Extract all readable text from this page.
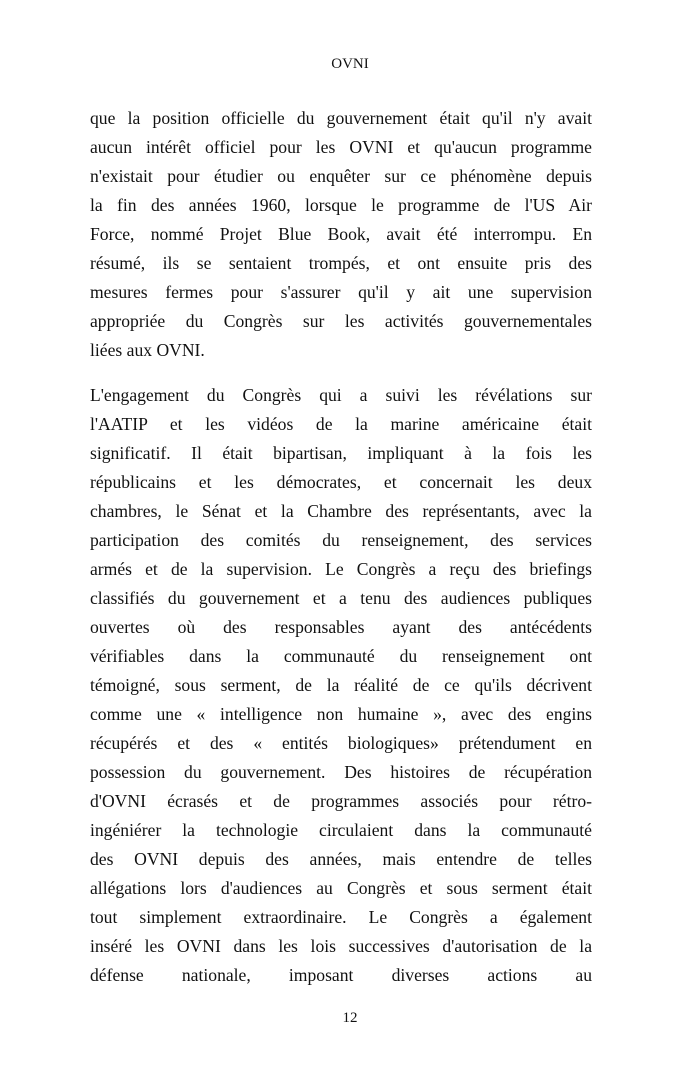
OVNI
que la position officielle du gouvernement était qu'il n'y avait
aucun intérêt officiel pour les OVNI et qu'aucun programme
n'existait pour étudier ou enquêter sur ce phénomène depuis
la fin des années 1960, lorsque le programme de l'US Air
Force, nommé Projet Blue Book, avait été interrompu. En
résumé, ils se sentaient trompés, et ont ensuite pris des
mesures fermes pour s'assurer qu'il y ait une supervision
appropriée du Congrès sur les activités gouvernementales
liées aux OVNI.
L'engagement du Congrès qui a suivi les révélations sur
l'AATIP et les vidéos de la marine américaine était
significatif. Il était bipartisan, impliquant à la fois les
républicains et les démocrates, et concernait les deux
chambres, le Sénat et la Chambre des représentants, avec la
participation des comités du renseignement, des services
armés et de la supervision. Le Congrès a reçu des briefings
classifiés du gouvernement et a tenu des audiences publiques
ouvertes où des responsables ayant des antécédents
vérifiables dans la communauté du renseignement ont
témoigné, sous serment, de la réalité de ce qu'ils décrivent
comme une « intelligence non humaine », avec des engins
récupérés et des « entités biologiques» prétendument en
possession du gouvernement. Des histoires de récupération
d'OVNI écrasés et de programmes associés pour rétro-
ingéniérer la technologie circulaient dans la communauté
des OVNI depuis des années, mais entendre de telles
allégations lors d'audiences au Congrès et sous serment était
tout simplement extraordinaire. Le Congrès a également
inséré les OVNI dans les lois successives d'autorisation de la
défense nationale, imposant diverses actions au
12
